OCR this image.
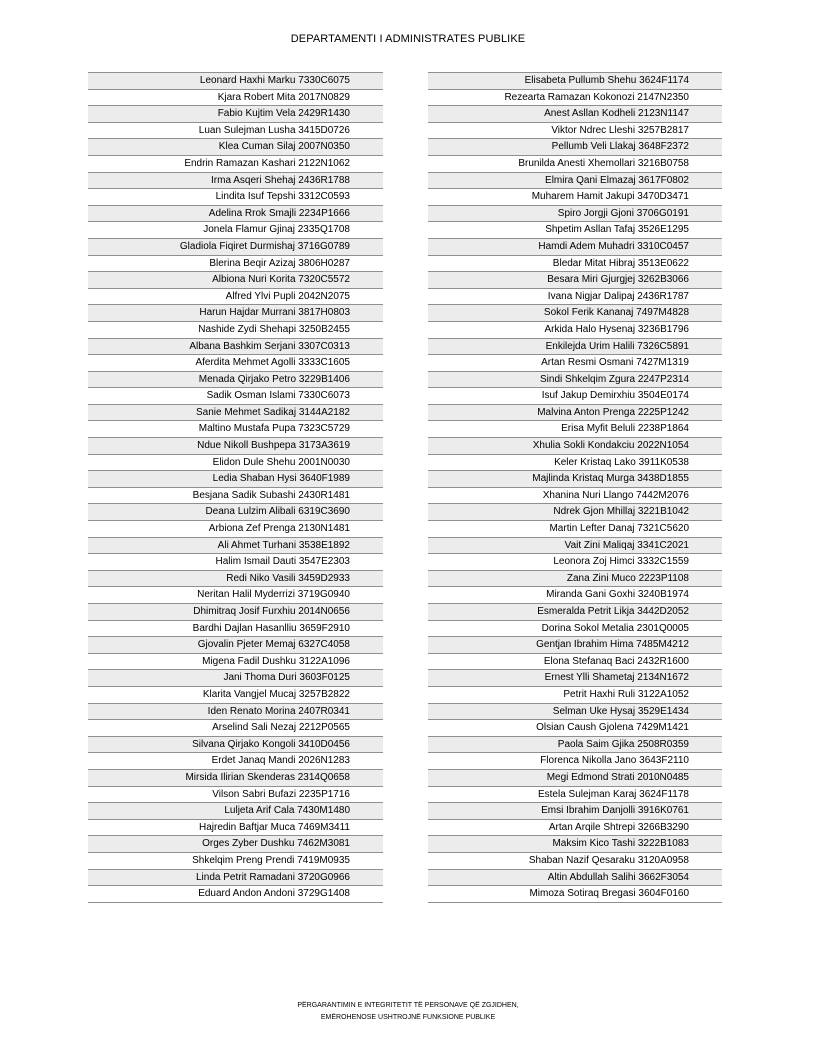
DEPARTAMENTI I ADMINISTRATES PUBLIKE
Leonard Haxhi Marku 7330C6075
Kjara Robert Mita 2017N0829
Fabio Kujtim Vela 2429R1430
Luan Sulejman Lusha 3415D0726
Klea Cuman Silaj 2007N0350
Endrin Ramazan Kashari 2122N1062
Irma Asqeri Shehaj 2436R1788
Lindita Isuf Tepshi 3312C0593
Adelina Rrok Smajli 2234P1666
Jonela Flamur Gjinaj 2335Q1708
Gladiola Fiqiret Durmishaj 3716G0789
Blerina Beqir Azizaj 3806H0287
Albiona Nuri Korita 7320C5572
Alfred Ylvi Pupli 2042N2075
Harun Hajdar Murrani 3817H0803
Nashide Zydi Shehapi 3250B2455
Albana Bashkim Serjani 3307C0313
Aferdita Mehmet Agolli 3333C1605
Menada Qirjako Petro 3229B1406
Sadik Osman Islami 7330C6073
Sanie Mehmet Sadikaj 3144A2182
Maltino Mustafa Pupa 7323C5729
Ndue Nikoll Bushpepa 3173A3619
Elidon Dule Shehu 2001N0030
Ledia Shaban Hysi 3640F1989
Besjana Sadik Subashi 2430R1481
Deana Lulzim Alibali 6319C3690
Arbiona Zef Prenga 2130N1481
Ali Ahmet Turhani 3538E1892
Halim Ismail Dauti 3547E2303
Redi Niko Vasili 3459D2933
Neritan Halil Myderrizi 3719G0940
Dhimitraq Josif Furxhiu 2014N0656
Bardhi Dajlan Hasanlliu 3659F2910
Gjovalin Pjeter Memaj 6327C4058
Migena Fadil Dushku 3122A1096
Jani Thoma Duri 3603F0125
Klarita Vangjel Mucaj 3257B2822
Iden Renato Morina 2407R0341
Arselind Sali Nezaj 2212P0565
Silvana Qirjako Kongoli 3410D0456
Erdet Janaq Mandi 2026N1283
Mirsida Ilirian Skenderas 2314Q0658
Vilson Sabri Bufazi 2235P1716
Luljeta Arif Cala 7430M1480
Hajredin Baftjar Muca 7469M3411
Orges Zyber Dushku 7462M3081
Shkelqim Preng Prendi 7419M0935
Linda Petrit Ramadani 3720G0966
Eduard Andon Andoni 3729G1408
Elisabeta Pullumb Shehu 3624F1174
Rezearta Ramazan Kokonozi 2147N2350
Anest Asllan Kodheli 2123N1147
Viktor Ndrec Lleshi 3257B2817
Pellumb Veli Llakaj 3648F2372
Brunilda Anesti Xhemollari 3216B0758
Elmira Qani Elmazaj 3617F0802
Muharem Hamit Jakupi 3470D3471
Spiro Jorgji Gjoni 3706G0191
Shpetim Asllan Tafaj 3526E1295
Hamdi Adem Muhadri 3310C0457
Bledar Mitat Hibraj 3513E0622
Besara Miri Gjurgjej 3262B3066
Ivana Nigjar Dalipaj 2436R1787
Sokol Ferik Kananaj 7497M4828
Arkida Halo Hysenaj 3236B1796
Enkilejda Urim Halili 7326C5891
Artan Resmi Osmani 7427M1319
Sindi Shkelqim Zgura 2247P2314
Isuf Jakup Demirxhiu 3504E0174
Malvina Anton Prenga 2225P1242
Erisa Myfit Beluli 2238P1864
Xhulia Sokli Kondakciu 2022N1054
Keler Kristaq Lako 3911K0538
Majlinda Kristaq Murga 3438D1855
Xhanina Nuri Llango 7442M2076
Ndrek Gjon Mhillaj 3221B1042
Martin Lefter Danaj 7321C5620
Vait Zini Maliqaj 3341C2021
Leonora Zoj Himci 3332C1559
Zana Zini Muco 2223P1108
Miranda Gani Goxhi 3240B1974
Esmeralda Petrit Likja 3442D2052
Dorina Sokol Metalia 2301Q0005
Gentjan Ibrahim Hima 7485M4212
Elona Stefanaq Baci 2432R1600
Ernest Ylli Shametaj 2134N1672
Petrit Haxhi Ruli 3122A1052
Selman Uke Hysaj 3529E1434
Olsian Caush Gjolena 7429M1421
Paola Saim Gjika 2508R0359
Florenca Nikolla Jano 3643F2110
Megi Edmond Strati 2010N0485
Estela Sulejman Karaj 3624F1178
Emsi Ibrahim Danjolli 3916K0761
Artan Arqile Shtrepi 3266B3290
Maksim Kico Tashi 3222B1083
Shaban Nazif Qesaraku 3120A0958
Altin Abdullah Salihi 3662F3054
Mimoza Sotiraq Bregasi 3604F0160
PËRGARANTIMIN E INTEGRITETIT TË PERSONAVE QË ZGJIDHEN,
EMËROHENOSE USHTROJNË FUNKSIONE PUBLIKE
